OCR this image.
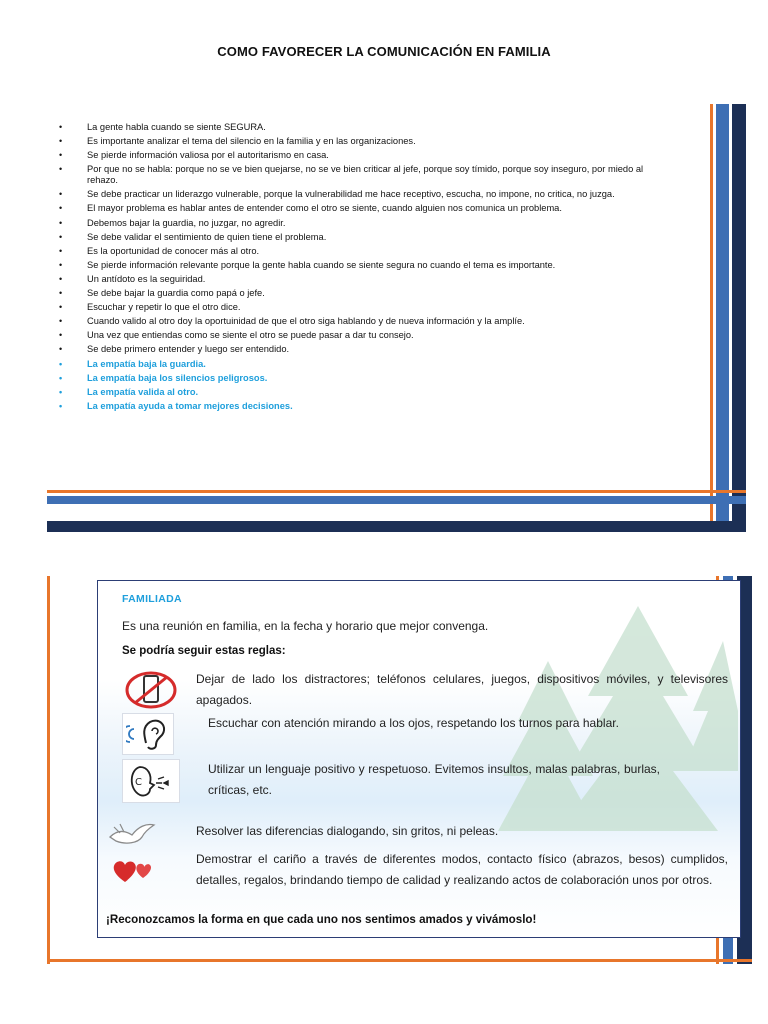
COMO FAVORECER LA COMUNICACIÓN EN FAMILIA
• La gente habla cuando se siente SEGURA.
• Es importante analizar el tema del silencio en la familia y en las organizaciones.
• Se pierde información valiosa por el autoritarismo en casa.
• Por que no se habla: porque no se ve bien quejarse, no se ve bien criticar al jefe, porque soy tímido, porque soy inseguro, por miedo al rehazo.
• Se debe practicar un liderazgo vulnerable, porque la vulnerabilidad me hace receptivo, escucha, no impone, no critica, no juzga.
• El mayor problema es hablar antes de entender como el otro se siente, cuando alguien nos comunica un problema.
• Debemos bajar la guardia, no juzgar, no agredir.
• Se debe validar el sentimiento de quien tiene el problema.
• Es la oportunidad de conocer más al otro.
• Se pierde información relevante porque la gente habla cuando se siente segura no cuando el tema es importante.
• Un antídoto es la seguiridad.
• Se debe bajar la guardia como papá o jefe.
• Escuchar y repetir lo que el otro dice.
• Cuando valido al otro doy la oportuinidad de que el otro siga hablando y de nueva información y la amplíe.
• Una vez que entiendas como se siente el otro se puede pasar a dar tu consejo.
• Se debe primero entender y luego ser entendido.
• La empatía baja la guardia.
• La empatía baja los silencios peligrosos.
• La empatía valida al otro.
• La empatía ayuda a tomar mejores decisiones.
FAMILIADA
Es una reunión en familia, en la fecha y horario que mejor convenga.
Se podría seguir estas reglas:
Dejar de lado los distractores; teléfonos celulares, juegos, dispositivos móviles, y televisores apagados.
Escuchar con atención mirando a los ojos, respetando los turnos para hablar.
C
Utilizar un lenguaje positivo y respetuoso. Evitemos insultos, malas palabras, burlas, críticas, etc.
Resolver las diferencias dialogando, sin gritos, ni peleas.
Demostrar el cariño a través de diferentes modos, contacto físico (abrazos, besos) cumplidos, detalles, regalos, brindando tiempo de calidad y realizando actos de colaboración unos por otros.
¡Reconozcamos la forma en que cada uno nos sentimos amados y vivámoslo!
